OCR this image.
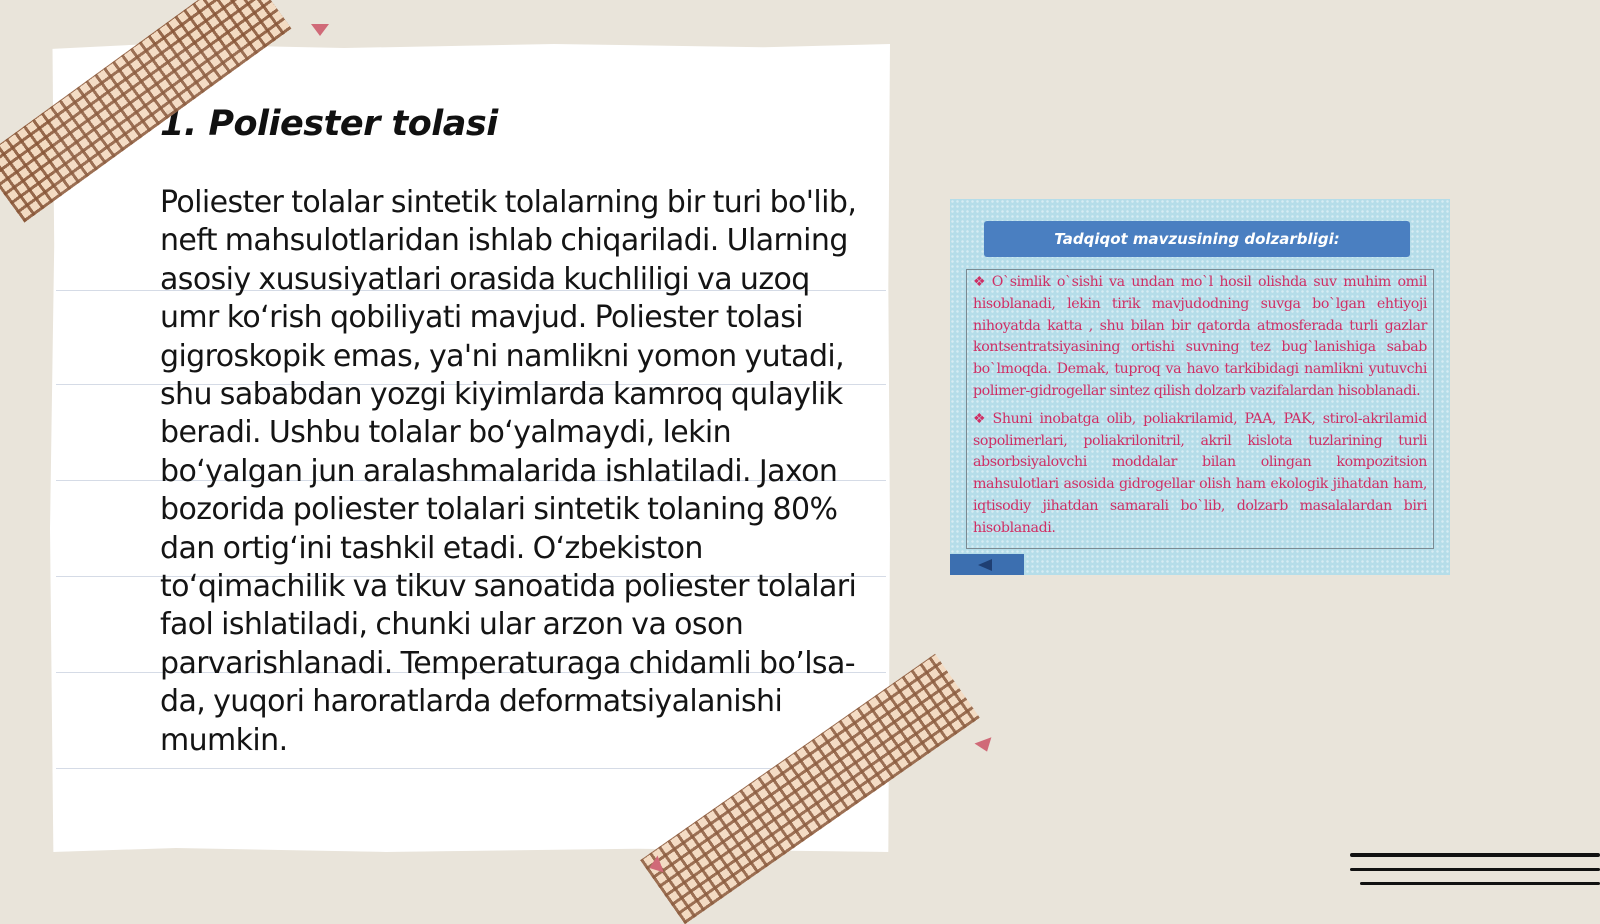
1. Poliester tolasi

Poliester tolalar sintetik tolalarning bir turi bo'lib, neft mahsulotlaridan ishlab chiqariladi. Ularning asosiy xususiyatlari orasida kuchliligi va uzoq umr ko‘rish qobiliyati mavjud. Poliester tolasi gigroskopik emas, ya'ni namlikni yomon yutadi, shu sababdan yozgi kiyimlarda kamroq qulaylik beradi. Ushbu tolalar bo‘yalmaydi, lekin bo‘yalgan jun aralashmalarida ishlatiladi. Jaxon bozorida poliester tolalari sintetik tolaning 80% dan ortig‘ini tashkil etadi. O‘zbekiston to‘qimachilik va tikuv sanoatida poliester tolalari faol ishlatiladi, chunki ular arzon va oson parvarishlanadi. Temperaturaga chidamli bo’lsa-da, yuqori haroratlarda deformatsiyalanishi mumkin.

Tadqiqot mavzusining dolzarbligi:

❖ O`simlik o`sishi va undan mo`l hosil olishda suv muhim omil hisoblanadi, lekin tirik mavjudodning suvga bo`lgan ehtiyoji nihoyatda katta , shu bilan bir qatorda atmosferada turli gazlar kontsentratsiyasining ortishi suvning tez bug`lanishiga sabab bo`lmoqda. Demak, tuproq va havo tarkibidagi namlikni yutuvchi polimer-gidrogellar sintez qilish dolzarb vazifalardan hisoblanadi.

❖ Shuni inobatga olib, poliakrilamid, PAA, PAK, stirol-akrilamid sopolimerlari, poliakrilonitril, akril kislota tuzlarining turli absorbsiyalovchi moddalar bilan olingan kompozitsion mahsulotlari asosida gidrogellar olish ham ekologik jihatdan ham, iqtisodiy jihatdan samarali bo`lib, dolzarb masalalardan biri hisoblanadi.
